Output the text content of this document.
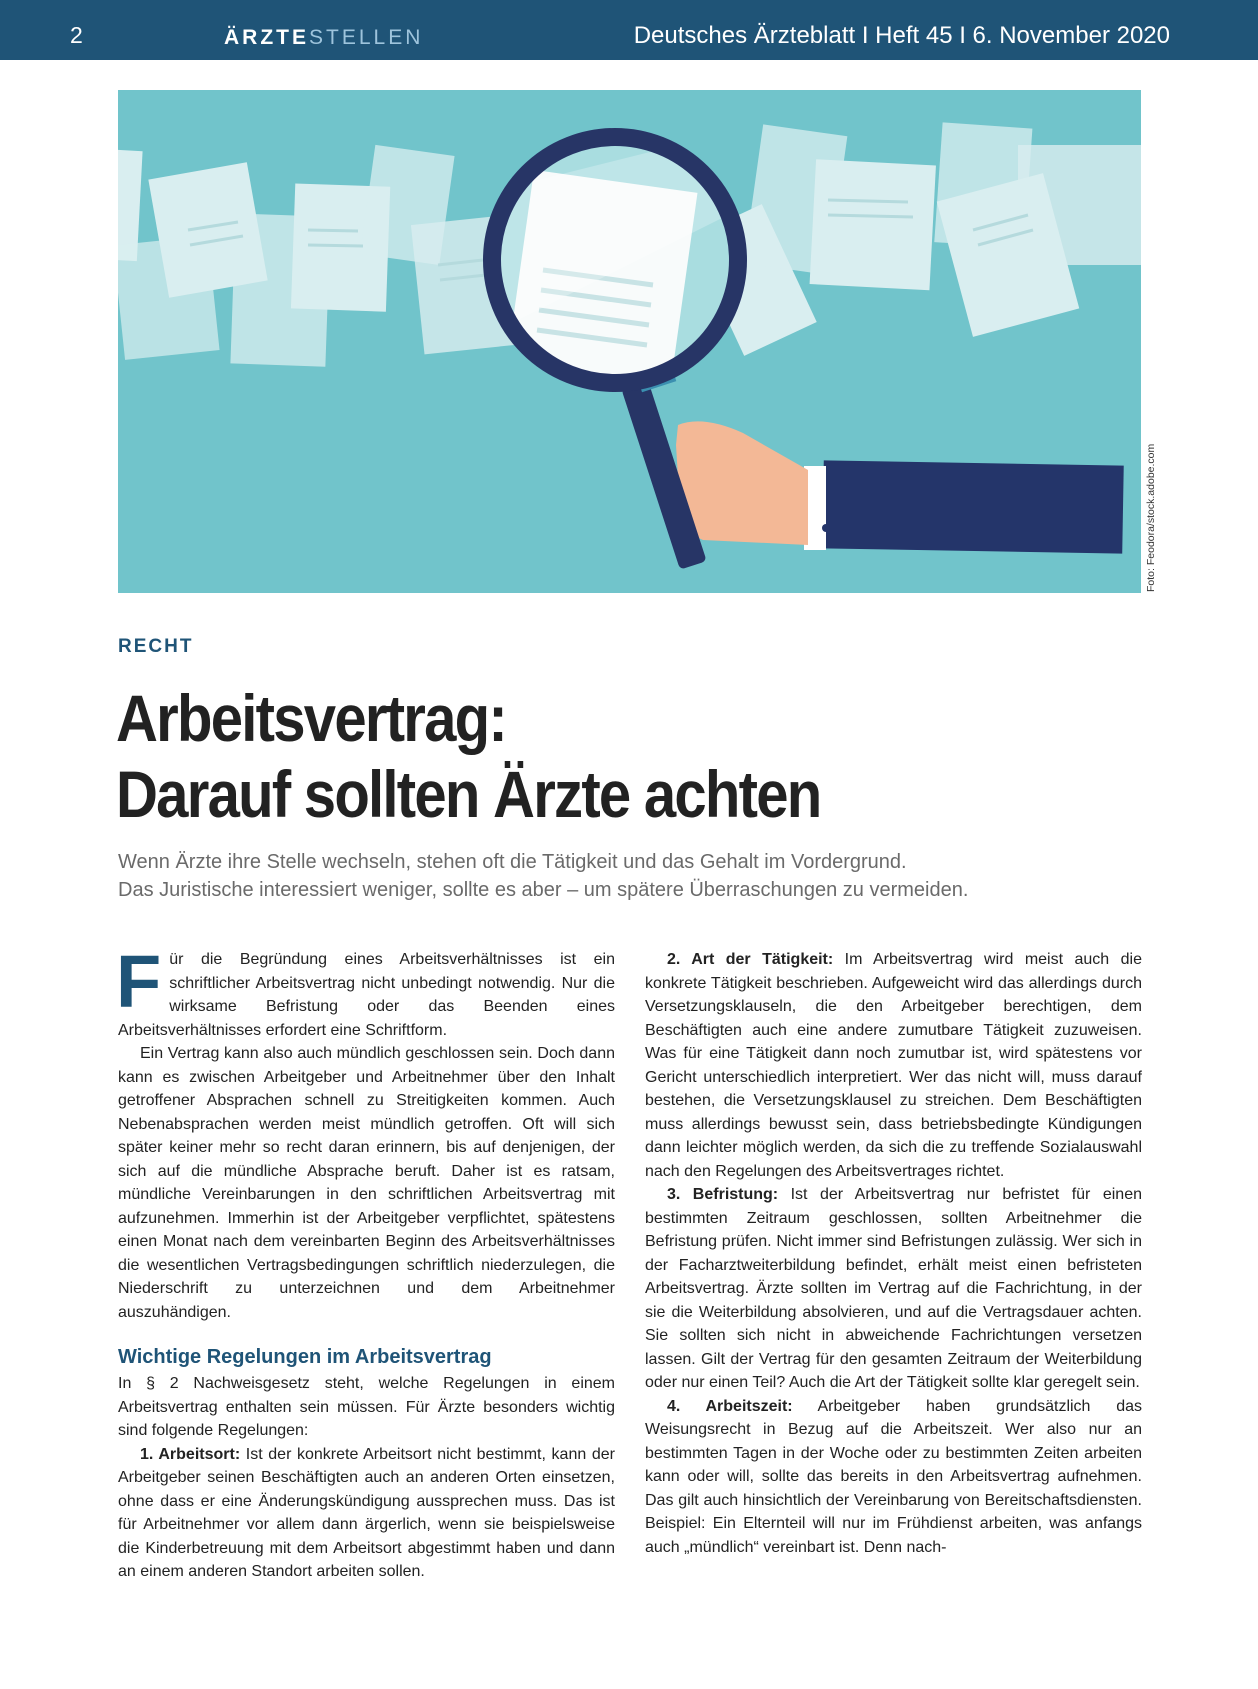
2	ÄRZTESTELLEN	Deutsches Ärzteblatt I Heft 45 I 6. November 2020
Foto: Feodora/stock.adobe.com
RECHT
Arbeitsvertrag:
Darauf sollten Ärzte achten

Wenn Ärzte ihre Stelle wechseln, stehen oft die Tätigkeit und das Gehalt im Vordergrund.
Das Juristische interessiert weniger, sollte es aber – um spätere Überraschungen zu vermeiden.

Für die Begründung eines Arbeitsverhältnisses ist ein schriftlicher Arbeitsvertrag nicht unbedingt notwendig. Nur die wirksame Befristung oder das Beenden eines Arbeitsverhältnisses erfordert eine Schriftform.

Ein Vertrag kann also auch mündlich geschlossen sein. Doch dann kann es zwischen Arbeitgeber und Arbeitnehmer über den Inhalt getroffener Absprachen schnell zu Streitigkeiten kommen. Auch Nebenabsprachen werden meist mündlich getroffen. Oft will sich später keiner mehr so recht daran erinnern, bis auf denjenigen, der sich auf die mündliche Absprache beruft. Daher ist es ratsam, mündliche Vereinbarungen in den schriftlichen Arbeitsvertrag mit aufzunehmen. Immerhin ist der Arbeitgeber verpflichtet, spätestens einen Monat nach dem vereinbarten Beginn des Arbeitsverhältnisses die wesentlichen Vertragsbedingungen schriftlich niederzulegen, die Niederschrift zu unterzeichnen und dem Arbeitnehmer auszuhändigen.

Wichtige Regelungen im Arbeitsvertrag

In § 2 Nachweisgesetz steht, welche Regelungen in einem Arbeitsvertrag enthalten sein müssen. Für Ärzte besonders wichtig sind folgende Regelungen:

1. Arbeitsort: Ist der konkrete Arbeitsort nicht bestimmt, kann der Arbeitgeber seinen Beschäftigten auch an anderen Orten einsetzen, ohne dass er eine Änderungskündigung aussprechen muss. Das ist für Arbeitnehmer vor allem dann ärgerlich, wenn sie beispielsweise die Kinderbetreuung mit dem Arbeitsort abgestimmt haben und dann an einem anderen Standort arbeiten sollen.

2. Art der Tätigkeit: Im Arbeitsvertrag wird meist auch die konkrete Tätigkeit beschrieben. Aufgeweicht wird das allerdings durch Versetzungsklauseln, die den Arbeitgeber berechtigen, dem Beschäftigten auch eine andere zumutbare Tätigkeit zuzuweisen. Was für eine Tätigkeit dann noch zumutbar ist, wird spätestens vor Gericht unterschiedlich interpretiert. Wer das nicht will, muss darauf bestehen, die Versetzungsklausel zu streichen. Dem Beschäftigten muss allerdings bewusst sein, dass betriebsbedingte Kündigungen dann leichter möglich werden, da sich die zu treffende Sozialauswahl nach den Regelungen des Arbeitsvertrages richtet.

3. Befristung: Ist der Arbeitsvertrag nur befristet für einen bestimmten Zeitraum geschlossen, sollten Arbeitnehmer die Befristung prüfen. Nicht immer sind Befristungen zulässig. Wer sich in der Facharztweiterbildung befindet, erhält meist einen befristeten Arbeitsvertrag. Ärzte sollten im Vertrag auf die Fachrichtung, in der sie die Weiterbildung absolvieren, und auf die Vertragsdauer achten. Sie sollten sich nicht in abweichende Fachrichtungen versetzen lassen. Gilt der Vertrag für den gesamten Zeitraum der Weiterbildung oder nur einen Teil? Auch die Art der Tätigkeit sollte klar geregelt sein.

4. Arbeitszeit: Arbeitgeber haben grundsätzlich das Weisungsrecht in Bezug auf die Arbeitszeit. Wer also nur an bestimmten Tagen in der Woche oder zu bestimmten Zeiten arbeiten kann oder will, sollte das bereits in den Arbeitsvertrag aufnehmen. Das gilt auch hinsichtlich der Vereinbarung von Bereitschaftsdiensten. Beispiel: Ein Elternteil will nur im Frühdienst arbeiten, was anfangs auch „mündlich“ vereinbart ist. Denn nach-
